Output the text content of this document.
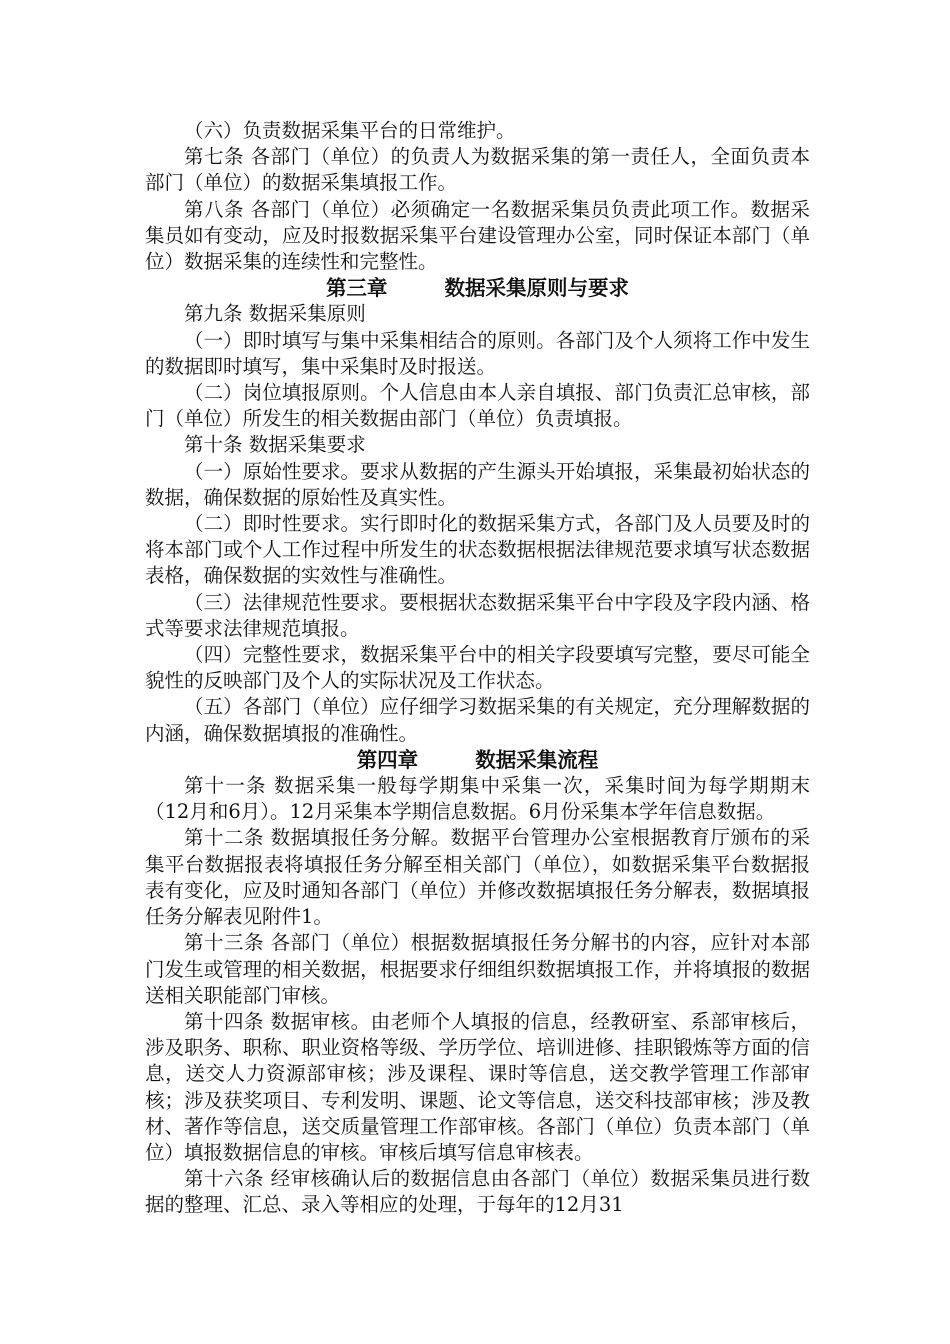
（六）负责数据采集平台的日常维护。

第七条 各部门（单位）的负责人为数据采集的第一责任人，全面负责本部门（单位）的数据采集填报工作。

第八条 各部门（单位）必须确定一名数据采集员负责此项工作。数据采集员如有变动，应及时报数据采集平台建设管理办公室，同时保证本部门（单位）数据采集的连续性和完整性。

第三章        数据采集原则与要求

第九条 数据采集原则

（一）即时填写与集中采集相结合的原则。各部门及个人须将工作中发生的数据即时填写，集中采集时及时报送。

（二）岗位填报原则。个人信息由本人亲自填报、部门负责汇总审核，部门（单位）所发生的相关数据由部门（单位）负责填报。

第十条 数据采集要求

（一）原始性要求。要求从数据的产生源头开始填报，采集最初始状态的数据，确保数据的原始性及真实性。

（二）即时性要求。实行即时化的数据采集方式，各部门及人员要及时的将本部门或个人工作过程中所发生的状态数据根据法律规范要求填写状态数据表格，确保数据的实效性与准确性。

（三）法律规范性要求。要根据状态数据采集平台中字段及字段内涵、格式等要求法律规范填报。

（四）完整性要求，数据采集平台中的相关字段要填写完整，要尽可能全貌性的反映部门及个人的实际状况及工作状态。

（五）各部门（单位）应仔细学习数据采集的有关规定，充分理解数据的内涵，确保数据填报的准确性。

第四章        数据采集流程

第十一条 数据采集一般每学期集中采集一次，采集时间为每学期期末（12月和6月）。12月采集本学期信息数据。6月份采集本学年信息数据。

第十二条 数据填报任务分解。数据平台管理办公室根据教育厅颁布的采集平台数据报表将填报任务分解至相关部门（单位），如数据采集平台数据报表有变化，应及时通知各部门（单位）并修改数据填报任务分解表，数据填报任务分解表见附件1。

第十三条 各部门（单位）根据数据填报任务分解书的内容，应针对本部门发生或管理的相关数据，根据要求仔细组织数据填报工作，并将填报的数据送相关职能部门审核。

第十四条 数据审核。由老师个人填报的信息，经教研室、系部审核后，涉及职务、职称、职业资格等级、学历学位、培训进修、挂职锻炼等方面的信息，送交人力资源部审核；涉及课程、课时等信息，送交教学管理工作部审核；涉及获奖项目、专利发明、课题、论文等信息，送交科技部审核；涉及教材、著作等信息，送交质量管理工作部审核。各部门（单位）负责本部门（单位）填报数据信息的审核。审核后填写信息审核表。

第十六条 经审核确认后的数据信息由各部门（单位）数据采集员进行数据的整理、汇总、录入等相应的处理，于每年的12月31
